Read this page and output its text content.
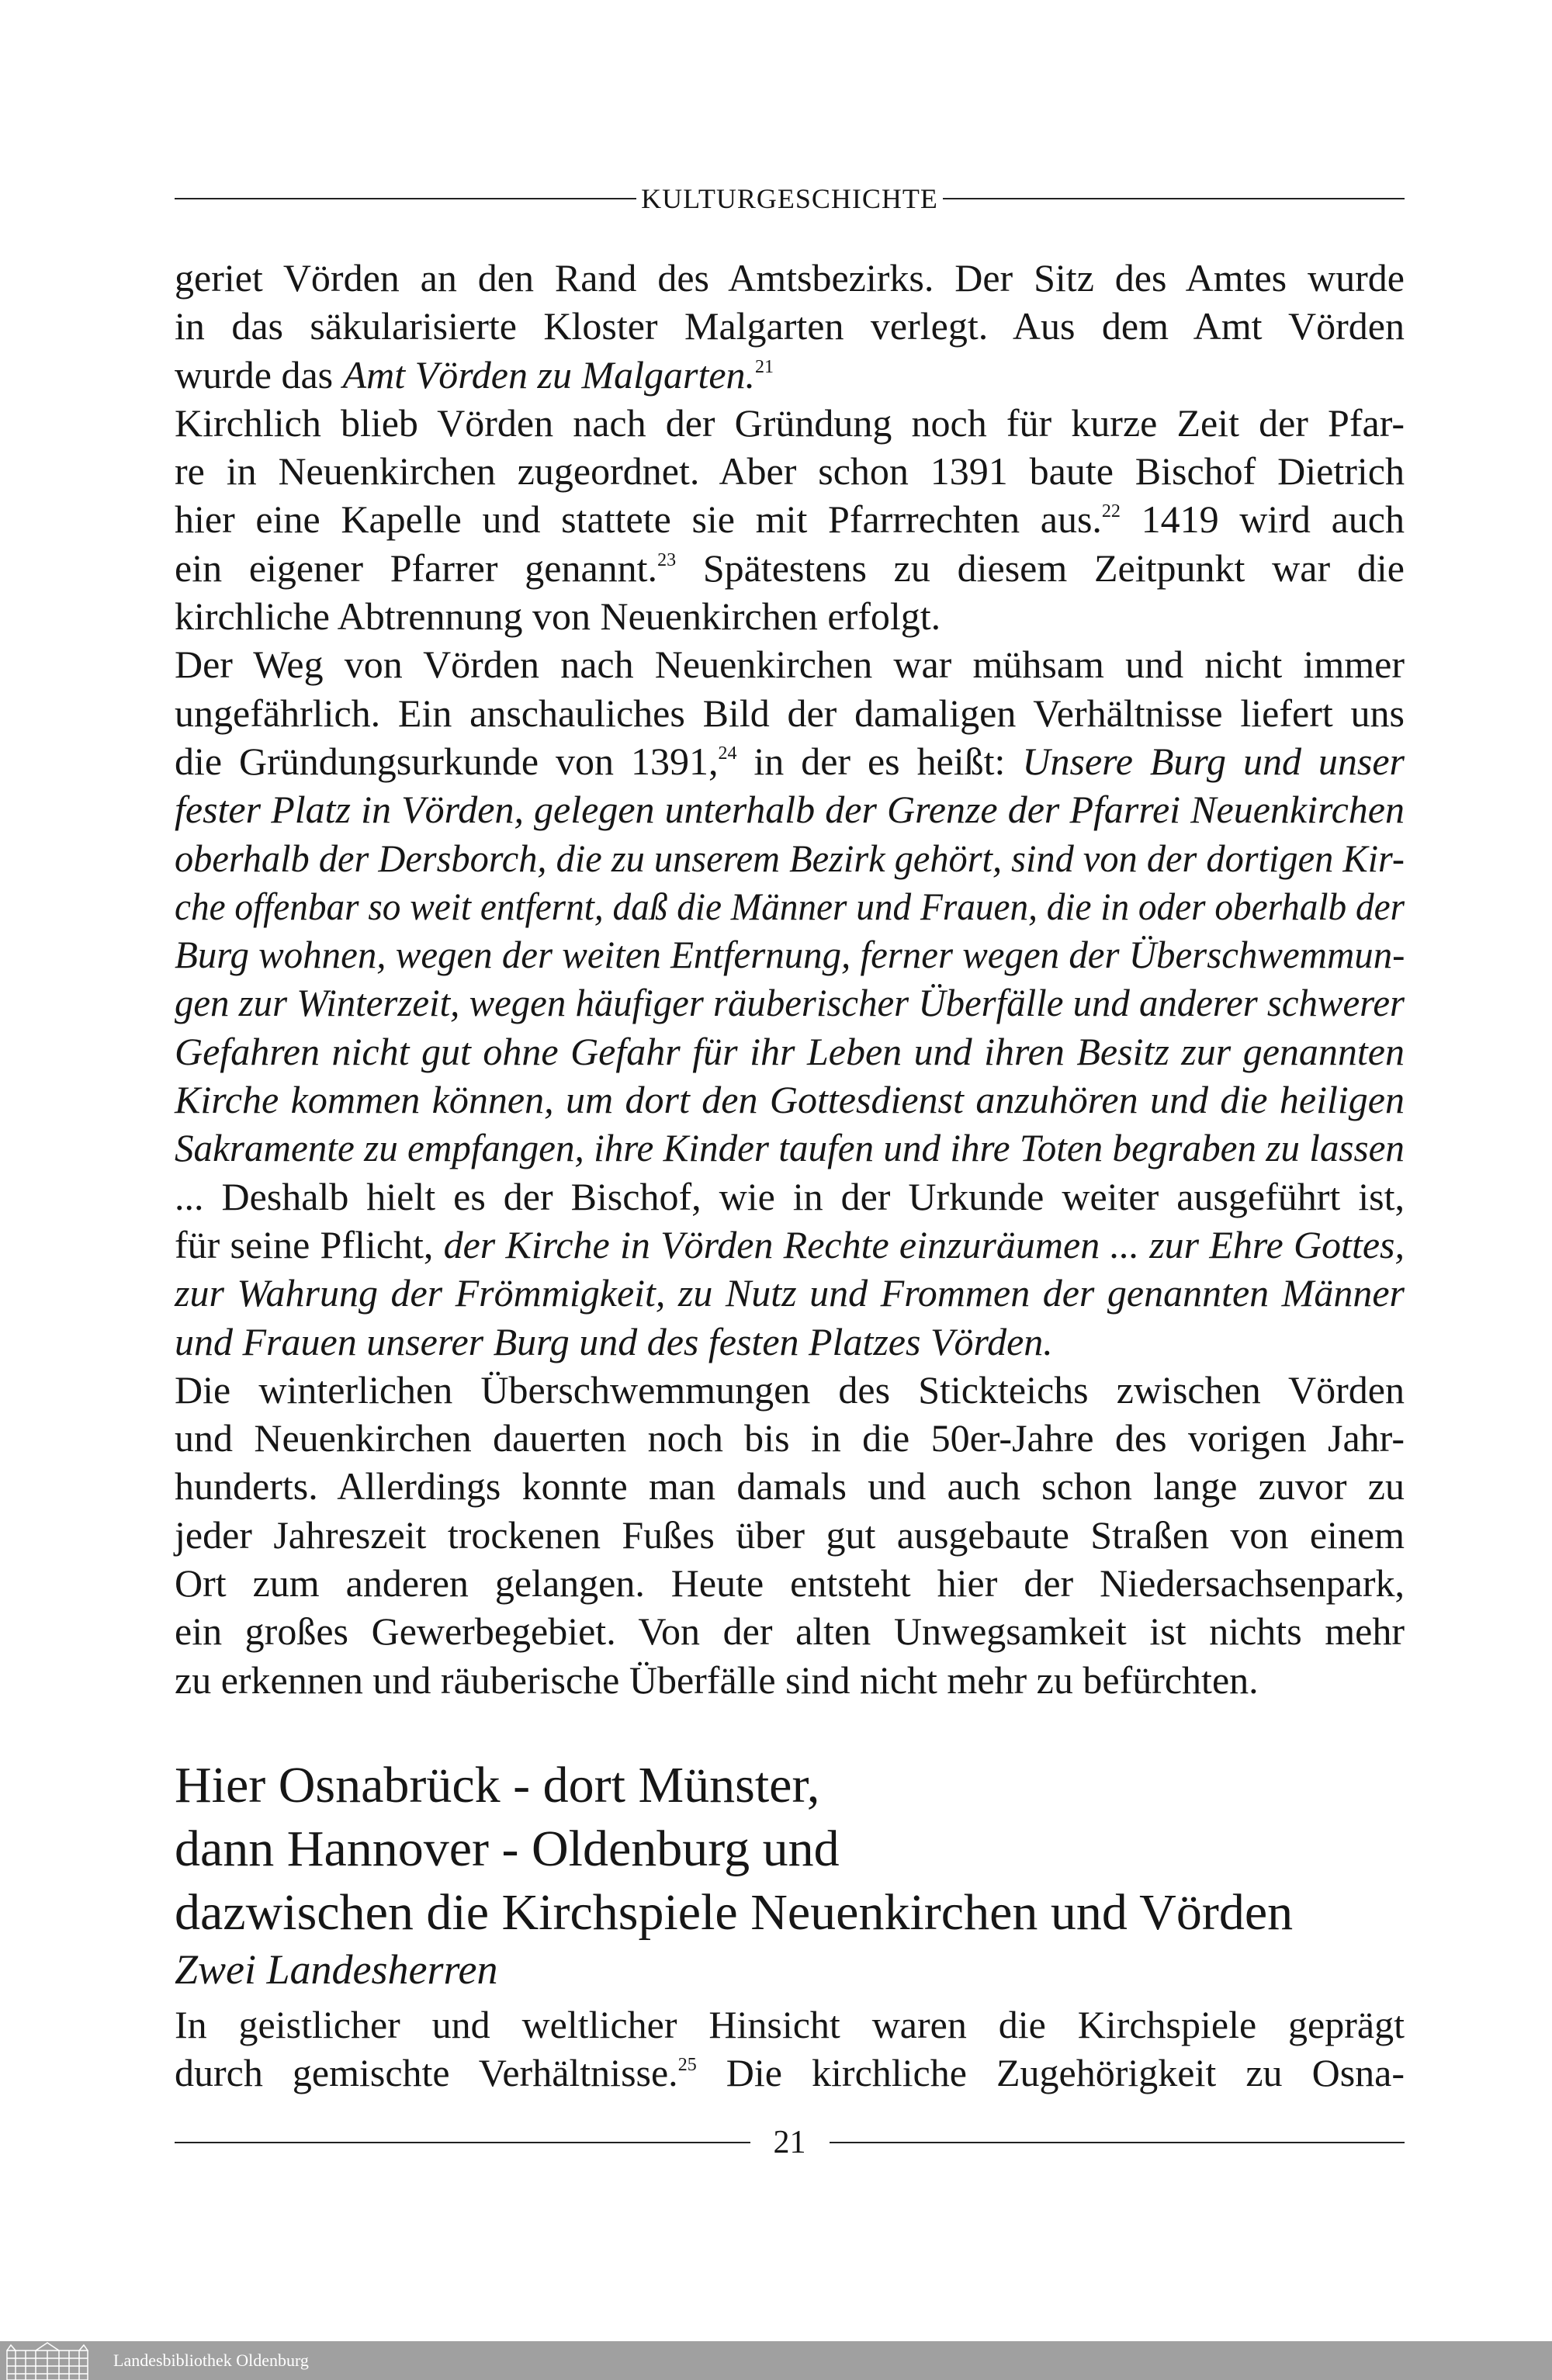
KULTURGESCHICHTE
geriet Vörden an den Rand des Amtsbezirks. Der Sitz des Amtes wurde
in das säkularisierte Kloster Malgarten verlegt. Aus dem Amt Vörden
wurde das Amt Vörden zu Malgarten.$^{21}$
Kirchlich blieb Vörden nach der Gründung noch für kurze Zeit der Pfar-
re in Neuenkirchen zugeordnet. Aber schon 1391 baute Bischof Dietrich
hier eine Kapelle und stattete sie mit Pfarrrechten aus.$^{22}$ 1419 wird auch
ein eigener Pfarrer genannt.$^{23}$ Spätestens zu diesem Zeitpunkt war die
kirchliche Abtrennung von Neuenkirchen erfolgt.
Der Weg von Vörden nach Neuenkirchen war mühsam und nicht immer
ungefährlich. Ein anschauliches Bild der damaligen Verhältnisse liefert uns
die Gründungsurkunde von 1391,24 in der es heißt: Unsere Burg und unser
fester Platz in Vörden, gelegen unterhalb der Grenze der Pfarrei Neuenkirchen
oberhalb der Dersborch, die zu unserem Bezirk gehört, sind von der dortigen Kir-
che offenbar so weit entfernt, daß die Männer und Frauen, die in oder oberhalb der
Burg wohnen, wegen der weiten Entfernung, ferner wegen der Überschwemmun-
gen zur Winterzeit, wegen häufiger räuberischer Überfälle und anderer schwerer
Gefahren nicht gut ohne Gefahr für ihr Leben und ihren Besitz zur genannten
Kirche kommen können, um dort den Gottesdienst anzuhören und die heiligen
Sakramente zu empfangen, ihre Kinder taufen und ihre Toten begraben zu lassen
... Deshalb hielt es der Bischof, wie in der Urkunde weiter ausgeführt ist,
für seine Pflicht, der Kirche in Vörden Rechte einzuräumen ... zur Ehre Gottes,
zur Wahrung der Frömmigkeit, zu Nutz und Frommen der genannten Männer
und Frauen unserer Burg und des festen Platzes Vörden.
Die winterlichen Überschwemmungen des Stickteichs zwischen Vörden
und Neuenkirchen dauerten noch bis in die 50er-Jahre des vorigen Jahr-
hunderts. Allerdings konnte man damals und auch schon lange zuvor zu
jeder Jahreszeit trockenen Fußes über gut ausgebaute Straßen von einem
Ort zum anderen gelangen. Heute entsteht hier der Niedersachsenpark,
ein großes Gewerbegebiet. Von der alten Unwegsamkeit ist nichts mehr
zu erkennen und räuberische Überfälle sind nicht mehr zu befürchten.
Hier Osnabrück - dort Münster,
dann Hannover - Oldenburg und
dazwischen die Kirchspiele Neuenkirchen und Vörden
Zwei Landesherren
In geistlicher und weltlicher Hinsicht waren die Kirchspiele geprägt
durch gemischte Verhältnisse.$^{25}$ Die kirchliche Zugehörigkeit zu Osna-
21
Landesbibliothek Oldenburg
